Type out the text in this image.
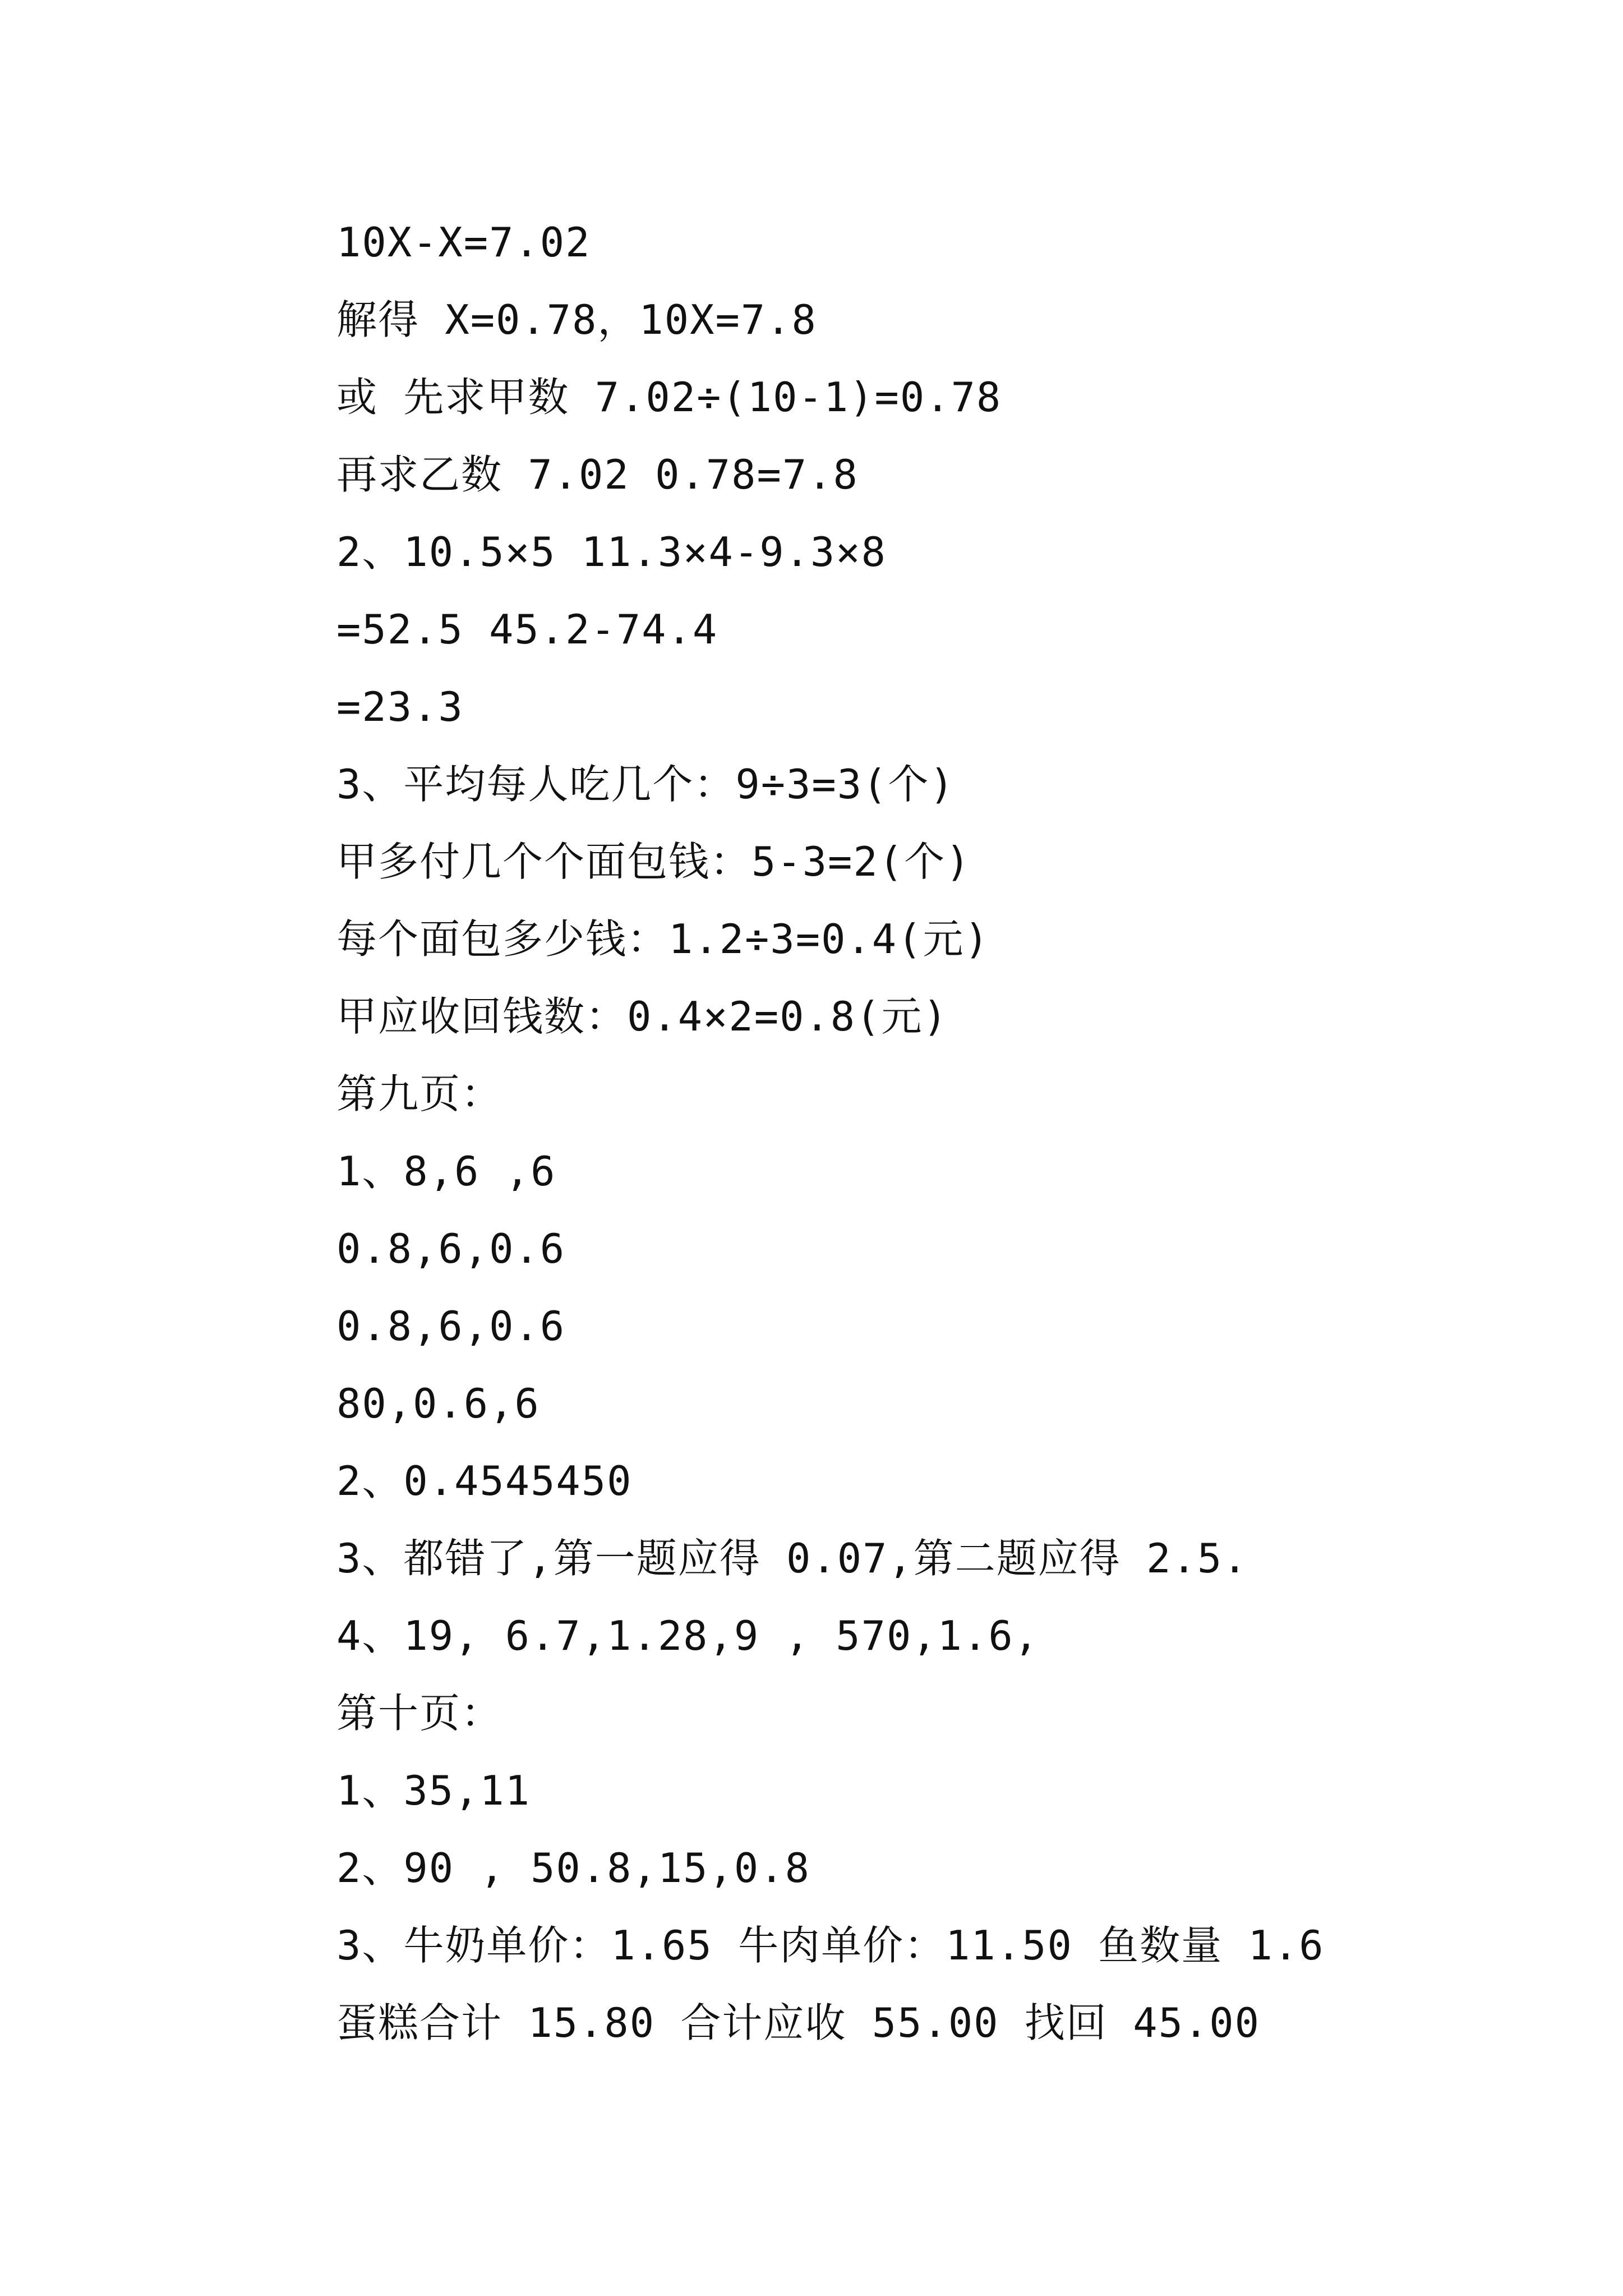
10X-X=7.02
解得 X=0.78，10X=7.8
或 先求甲数 7.02÷(10-1)=0.78
再求乙数 7.02 0.78=7.8
2、10.5×5 11.3×4-9.3×8
=52.5 45.2-74.4
=23.3
3、平均每人吃几个：9÷3=3(个)
甲多付几个个面包钱：5-3=2(个)
每个面包多少钱：1.2÷3=0.4(元)
甲应收回钱数：0.4×2=0.8(元)
第九页：
1、8,6 ,6
0.8,6,0.6
0.8,6,0.6
80,0.6,6
2、0.4545450
3、都错了,第一题应得 0.07,第二题应得 2.5.
4、19, 6.7,1.28,9 , 570,1.6,
第十页：
1、35,11
2、90 , 50.8,15,0.8
3、牛奶单价：1.65 牛肉单价：11.50 鱼数量 1.6
蛋糕合计 15.80 合计应收 55.00 找回 45.00
